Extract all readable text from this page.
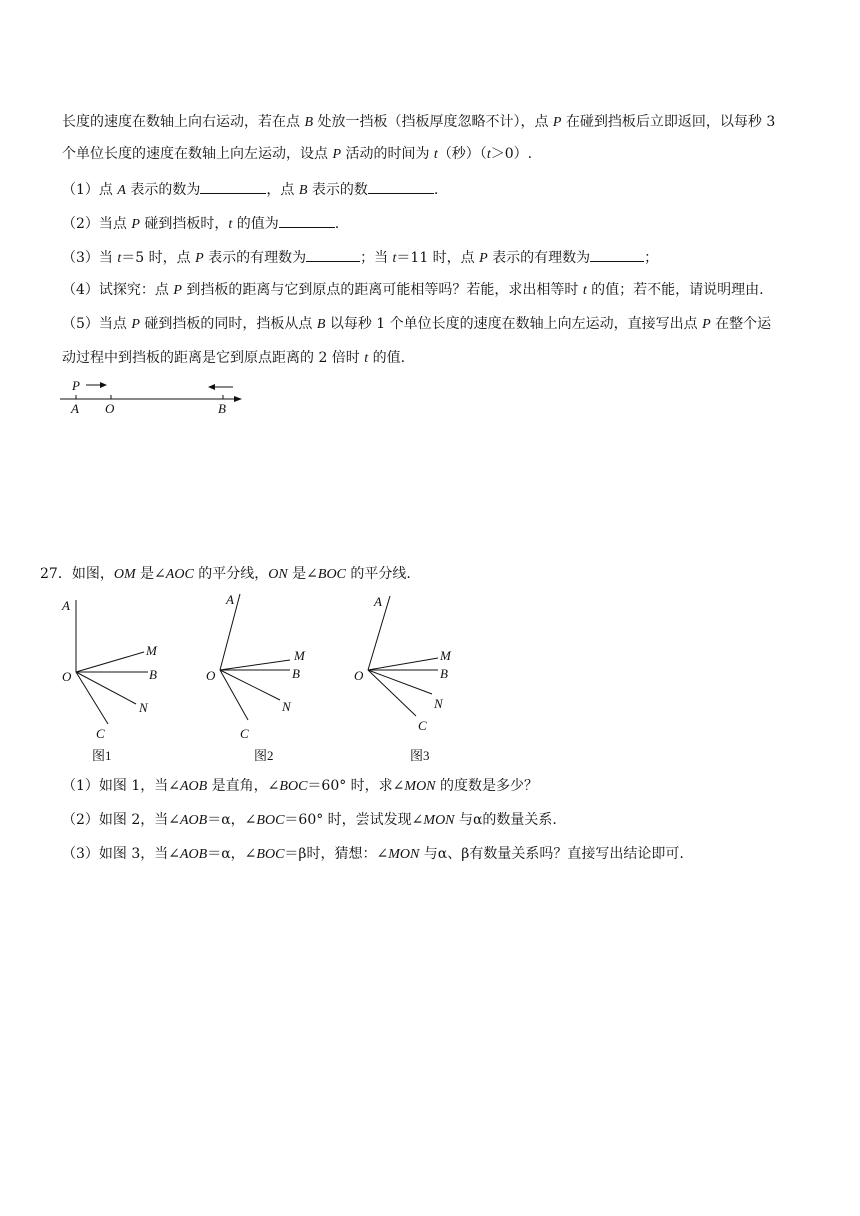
长度的速度在数轴上向右运动，若在点 B 处放一挡板（挡板厚度忽略不计），点 P 在碰到挡板后立即返回，以每秒 3
个单位长度的速度在数轴上向左运动，设点 P 活动的时间为 t（秒）（t＞0）.
（1）点 A 表示的数为	，点 B 表示的数	.
（2）当点 P 碰到挡板时，t 的值为	.
（3）当 t＝5 时，点 P 表示的有理数为	；当 t＝11 时，点 P 表示的有理数为	；
（4）试探究：点 P 到挡板的距离与它到原点的距离可能相等吗？若能，求出相等时 t 的值；若不能，请说明理由.
（5）当点 P 碰到挡板的同时，挡板从点 B 以每秒 1 个单位长度的速度在数轴上向左运动，直接写出点 P 在整个运
动过程中到挡板的距离是它到原点距离的 2 倍时 t 的值.
P
A O	B
27．如图，OM 是∠AOC 的平分线，ON 是∠BOC 的平分线.
A
M
O	B
N
C
图1
A
M
O	B
N
C
图2
A
M
O	B
N
C
图3
（1）如图 1，当∠AOB 是直角，∠BOC＝60° 时，求∠MON 的度数是多少？
（2）如图 2，当∠AOB＝α，∠BOC＝60° 时，尝试发现∠MON 与α的数量关系.
（3）如图 3，当∠AOB＝α，∠BOC＝β时，猜想：∠MON 与α、β有数量关系吗？直接写出结论即可.
